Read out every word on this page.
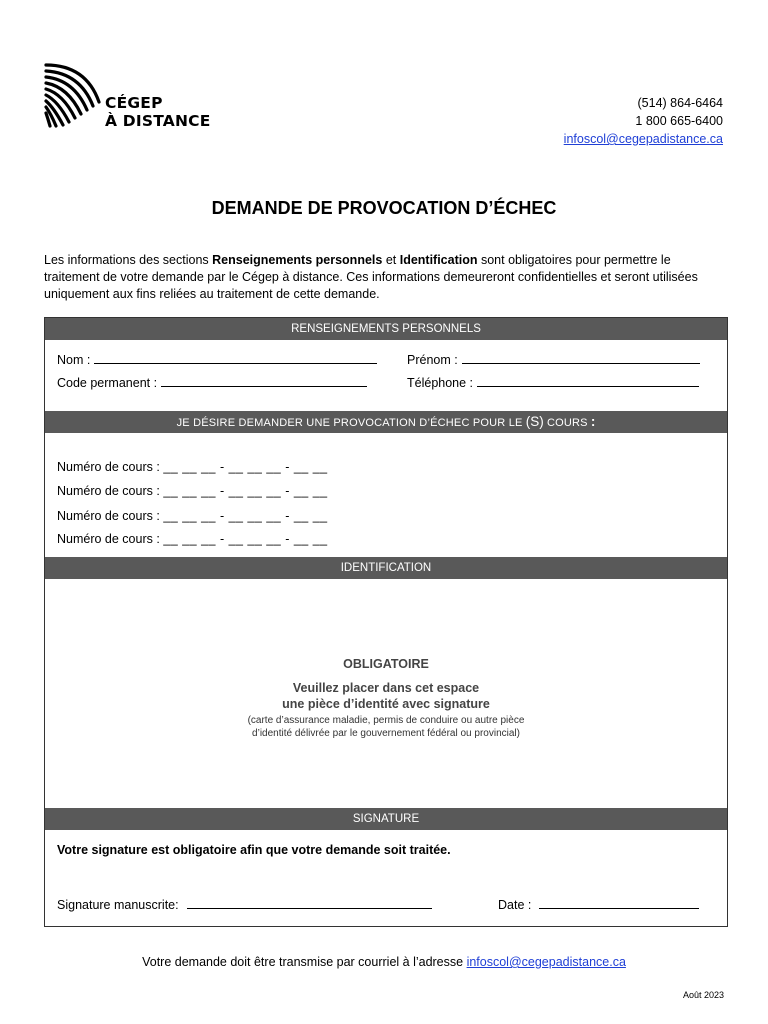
CÉGEP
À DISTANCE
(514) 864-6464
1 800 665-6400
infoscol@cegepadistance.ca
DEMANDE DE PROVOCATION D’ÉCHEC

Les informations des sections Renseignements personnels et Identification sont obligatoires pour permettre le traitement de votre demande par le Cégep à distance. Ces informations demeureront confidentielles et seront utilisées uniquement aux fins reliées au traitement de cette demande.

RENSEIGNEMENTS PERSONNELS
Nom :	Prénom :
Code permanent :	Téléphone :
JE DÉSIRE DEMANDER UNE PROVOCATION D’ÉCHEC POUR LE (S) COURS :
Numéro de cours : __ __ __ - __ __ __ - __ __
Numéro de cours : __ __ __ - __ __ __ - __ __
Numéro de cours : __ __ __ - __ __ __ - __ __
Numéro de cours : __ __ __ - __ __ __ - __ __
IDENTIFICATION
OBLIGATOIRE
Veuillez placer dans cet espace
une pièce d’identité avec signature
(carte d’assurance maladie, permis de conduire ou autre pièce
d’identité délivrée par le gouvernement fédéral ou provincial)
SIGNATURE
Votre signature est obligatoire afin que votre demande soit traitée.
Signature manuscrite:	Date :
Votre demande doit être transmise par courriel à l’adresse infoscol@cegepadistance.ca
Août 2023
